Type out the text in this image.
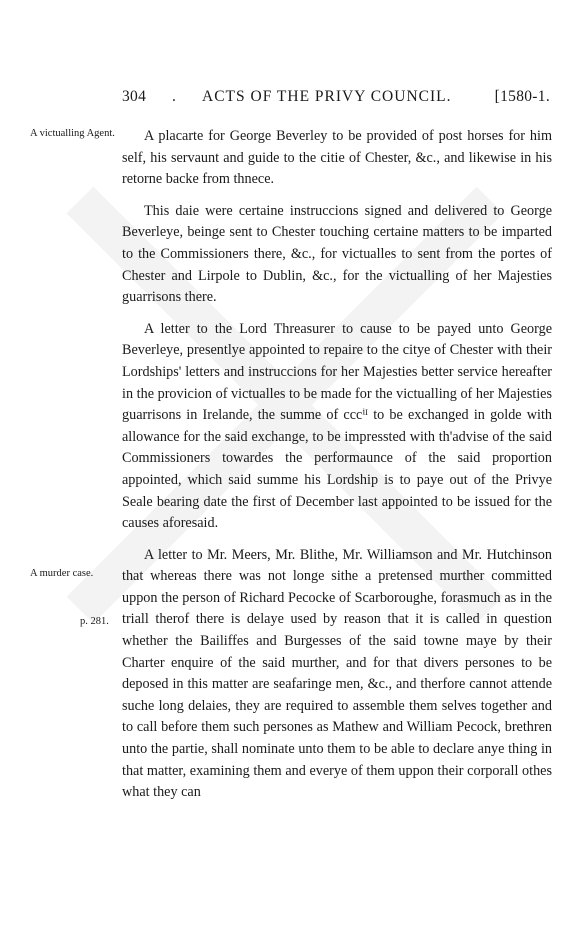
304 . ACTS OF THE PRIVY COUNCIL.	[1580-1.
A victualling Agent.
A murder case.
p. 281.

A placarte for George Beverley to be provided of post horses for him self, his servaunt and guide to the citie of Chester, &c., and likewise in his retorne backe from thnece.

This daie were certaine instruccions signed and delivered to George Beverleye, beinge sent to Chester touching certaine matters to be imparted to the Commissioners there, &c., for victualles to sent from the portes of Chester and Lirpole to Dublin, &c., for the victualling of her Majesties guarrisons there.

A letter to the Lord Threasurer to cause to be payed unto George Beverleye, presentlye appointed to repaire to the citye of Chester with their Lordships' letters and instruccions for her Majesties better service hereafter in the provicion of victualles to be made for the victualling of her Majesties guarrisons in Irelande, the summe of cccⁱᴵ to be exchanged in golde with allowance for the said exchange, to be impressted with th'advise of the said Commissioners towardes the performaunce of the said proportion appointed, which said summe his Lordship is to paye out of the Privye Seale bearing date the first of December last appointed to be issued for the causes aforesaid.

A letter to Mr. Meers, Mr. Blithe, Mr. Williamson and Mr. Hutchinson that whereas there was not longe sithe a pretensed murther committed uppon the person of Richard Pecocke of Scarboroughe, forasmuch as in the triall therof there is delaye used by reason that it is called in question whether the Bailiffes and Burgesses of the said towne maye by their Charter enquire of the said murther, and for that divers persones to be deposed in this matter are seafaringe men, &c., and therfore cannot attende suche long delaies, they are required to assemble them selves together and to call before them such persones as Mathew and William Pecock, brethren unto the partie, shall nominate unto them to be able to declare anye thing in that matter, examining them and everye of them uppon their corporall othes what they can
